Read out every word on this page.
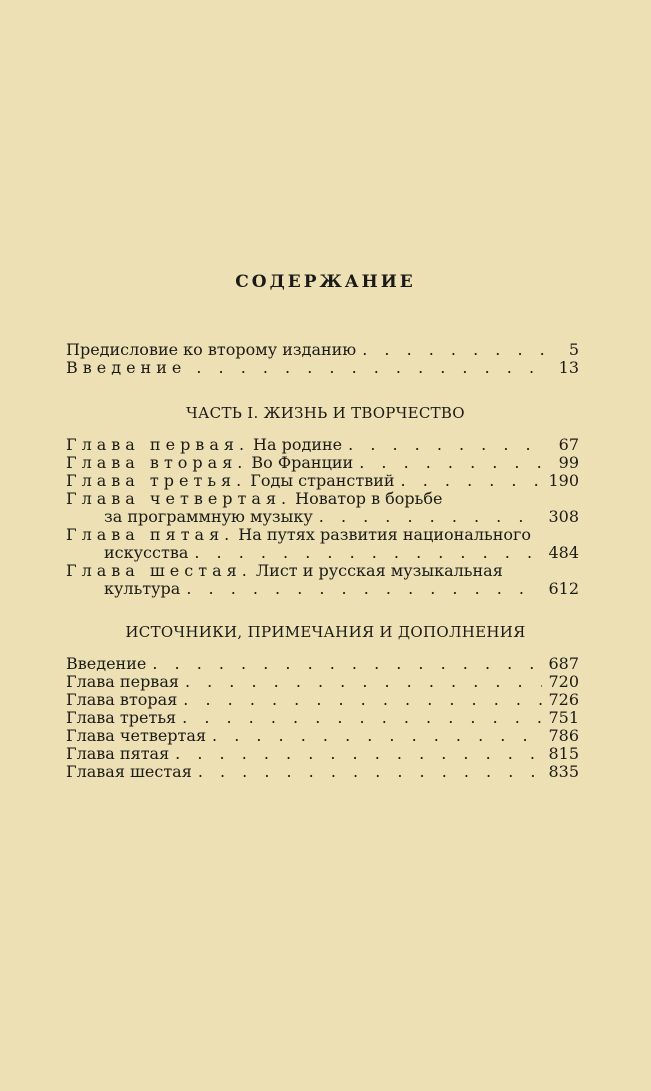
СОДЕРЖАНИЕ
Предисловие ко второму изданию . . .	5
Введение . . .	13
ЧАСТЬ I. ЖИЗНЬ И ТВОРЧЕСТВО
Глава первая. На родине . . .	67
Глава вторая. Во Франции . . .	99
Глава третья. Годы странствий . . .	190
Глава четвертая. Новатор в борьбе
за программную музыку . . .	308
Глава пятая. На путях развития национального
искусства . . .	484
Глава шестая. Лист и русская музыкальная
культура . . .	612
ИСТОЧНИКИ, ПРИМЕЧАНИЯ И ДОПОЛНЕНИЯ
Введение . . .	687
Глава первая . . .	720
Глава вторая . . .	726
Глава третья . . .	751
Глава четвертая . . .	786
Глава пятая . . .	815
Главая шестая . . .	835
